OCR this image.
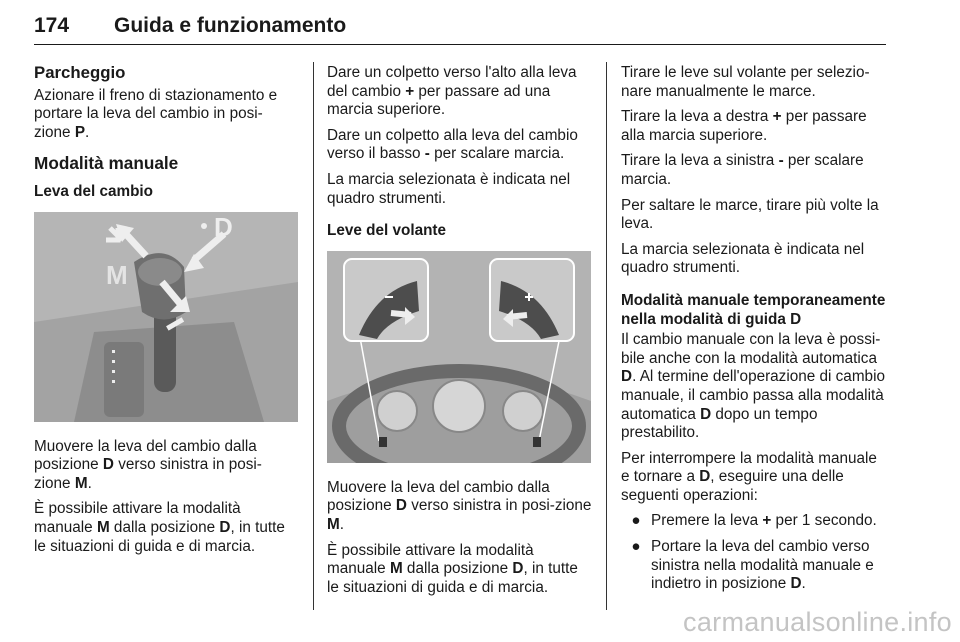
174 Guida e funzionamento
Parcheggio

Azionare il freno di stazionamento e portare la leva del cambio in posi-zione P.

Modalità manuale
Leva del cambio
D
M

Muovere la leva del cambio dalla posizione D verso sinistra in posi-zione M.

È possibile attivare la modalità manuale M dalla posizione D, in tutte le situazioni di guida e di marcia.

Dare un colpetto verso l'alto alla leva del cambio + per passare ad una marcia superiore.

Dare un colpetto alla leva del cambio verso il basso - per scalare marcia.

La marcia selezionata è indicata nel quadro strumenti.

Leve del volante

Muovere la leva del cambio dalla posizione D verso sinistra in posi-zione M.

È possibile attivare la modalità manuale M dalla posizione D, in tutte le situazioni di guida e di marcia.

Tirare le leve sul volante per selezio-nare manualmente le marce.

Tirare la leva a destra + per passare alla marcia superiore.

Tirare la leva a sinistra - per scalare marcia.

Per saltare le marce, tirare più volte la leva.

La marcia selezionata è indicata nel quadro strumenti.

Modalità manuale temporaneamente nella modalità di guida D

Il cambio manuale con la leva è possi-bile anche con la modalità automatica D. Al termine dell'operazione di cambio manuale, il cambio passa alla modalità automatica D dopo un tempo prestabilito.

Per interrompere la modalità manuale e tornare a D, eseguire una delle seguenti operazioni:

● Premere la leva + per 1 secondo.
● Portare la leva del cambio verso sinistra nella modalità manuale e indietro in posizione D.
carmanualsonline.info
